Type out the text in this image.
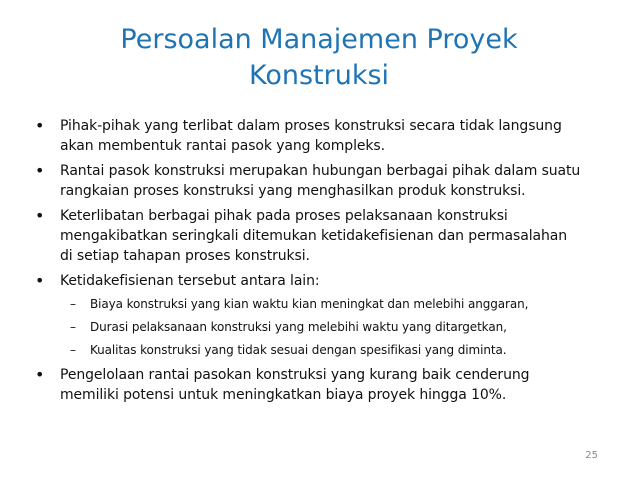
Persoalan Manajemen Proyek
Konstruksi
• Pihak-pihak yang terlibat dalam proses konstruksi secara tidak langsung
akan membentuk rantai pasok yang kompleks.
• Rantai pasok konstruksi merupakan hubungan berbagai pihak dalam suatu
rangkaian proses konstruksi yang menghasilkan produk konstruksi.
• Keterlibatan berbagai pihak pada proses pelaksanaan konstruksi
mengakibatkan seringkali ditemukan ketidakefisienan dan permasalahan
di setiap tahapan proses konstruksi.
• Ketidakefisienan tersebut antara lain:
– Biaya konstruksi yang kian waktu kian meningkat dan melebihi anggaran,
– Durasi pelaksanaan konstruksi yang melebihi waktu yang ditargetkan,
– Kualitas konstruksi yang tidak sesuai dengan spesifikasi yang diminta.
• Pengelolaan rantai pasokan konstruksi yang kurang baik cenderung
memiliki potensi untuk meningkatkan biaya proyek hingga 10%.
25
